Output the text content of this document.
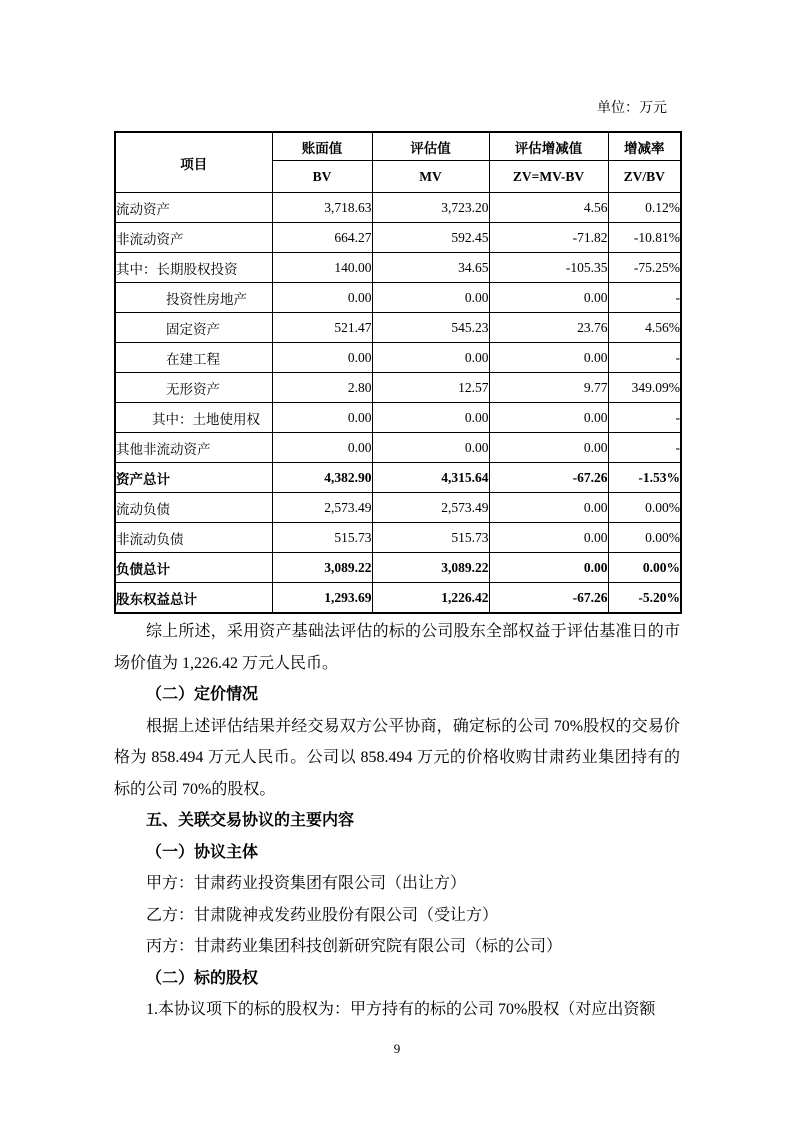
单位：万元
项目	账面值	评估值	评估增减值	增减率
	BV	MV	ZV=MV-BV	ZV/BV
流动资产	3,718.63	3,723.20	4.56	0.12%
非流动资产	664.27	592.45	-71.82	-10.81%
其中：长期股权投资	140.00	34.65	-105.35	-75.25%
投资性房地产	0.00	0.00	0.00	-
固定资产	521.47	545.23	23.76	4.56%
在建工程	0.00	0.00	0.00	-
无形资产	2.80	12.57	9.77	349.09%
其中：土地使用权	0.00	0.00	0.00	-
其他非流动资产	0.00	0.00	0.00	-
资产总计	4,382.90	4,315.64	-67.26	-1.53%
流动负债	2,573.49	2,573.49	0.00	0.00%
非流动负债	515.73	515.73	0.00	0.00%
负债总计	3,089.22	3,089.22	0.00	0.00%
股东权益总计	1,293.69	1,226.42	-67.26	-5.20%

综上所述，采用资产基础法评估的标的公司股东全部权益于评估基准日的市场价值为 1,226.42 万元人民币。

（二）定价情况

根据上述评估结果并经交易双方公平协商，确定标的公司 70%股权的交易价格为 858.494 万元人民币。公司以 858.494 万元的价格收购甘肃药业集团持有的标的公司 70%的股权。

五、关联交易协议的主要内容

（一）协议主体

甲方：甘肃药业投资集团有限公司（出让方）

乙方：甘肃陇神戎发药业股份有限公司（受让方）

丙方：甘肃药业集团科技创新研究院有限公司（标的公司）

（二）标的股权

1.本协议项下的标的股权为：甲方持有的标的公司 70%股权（对应出资额

9
